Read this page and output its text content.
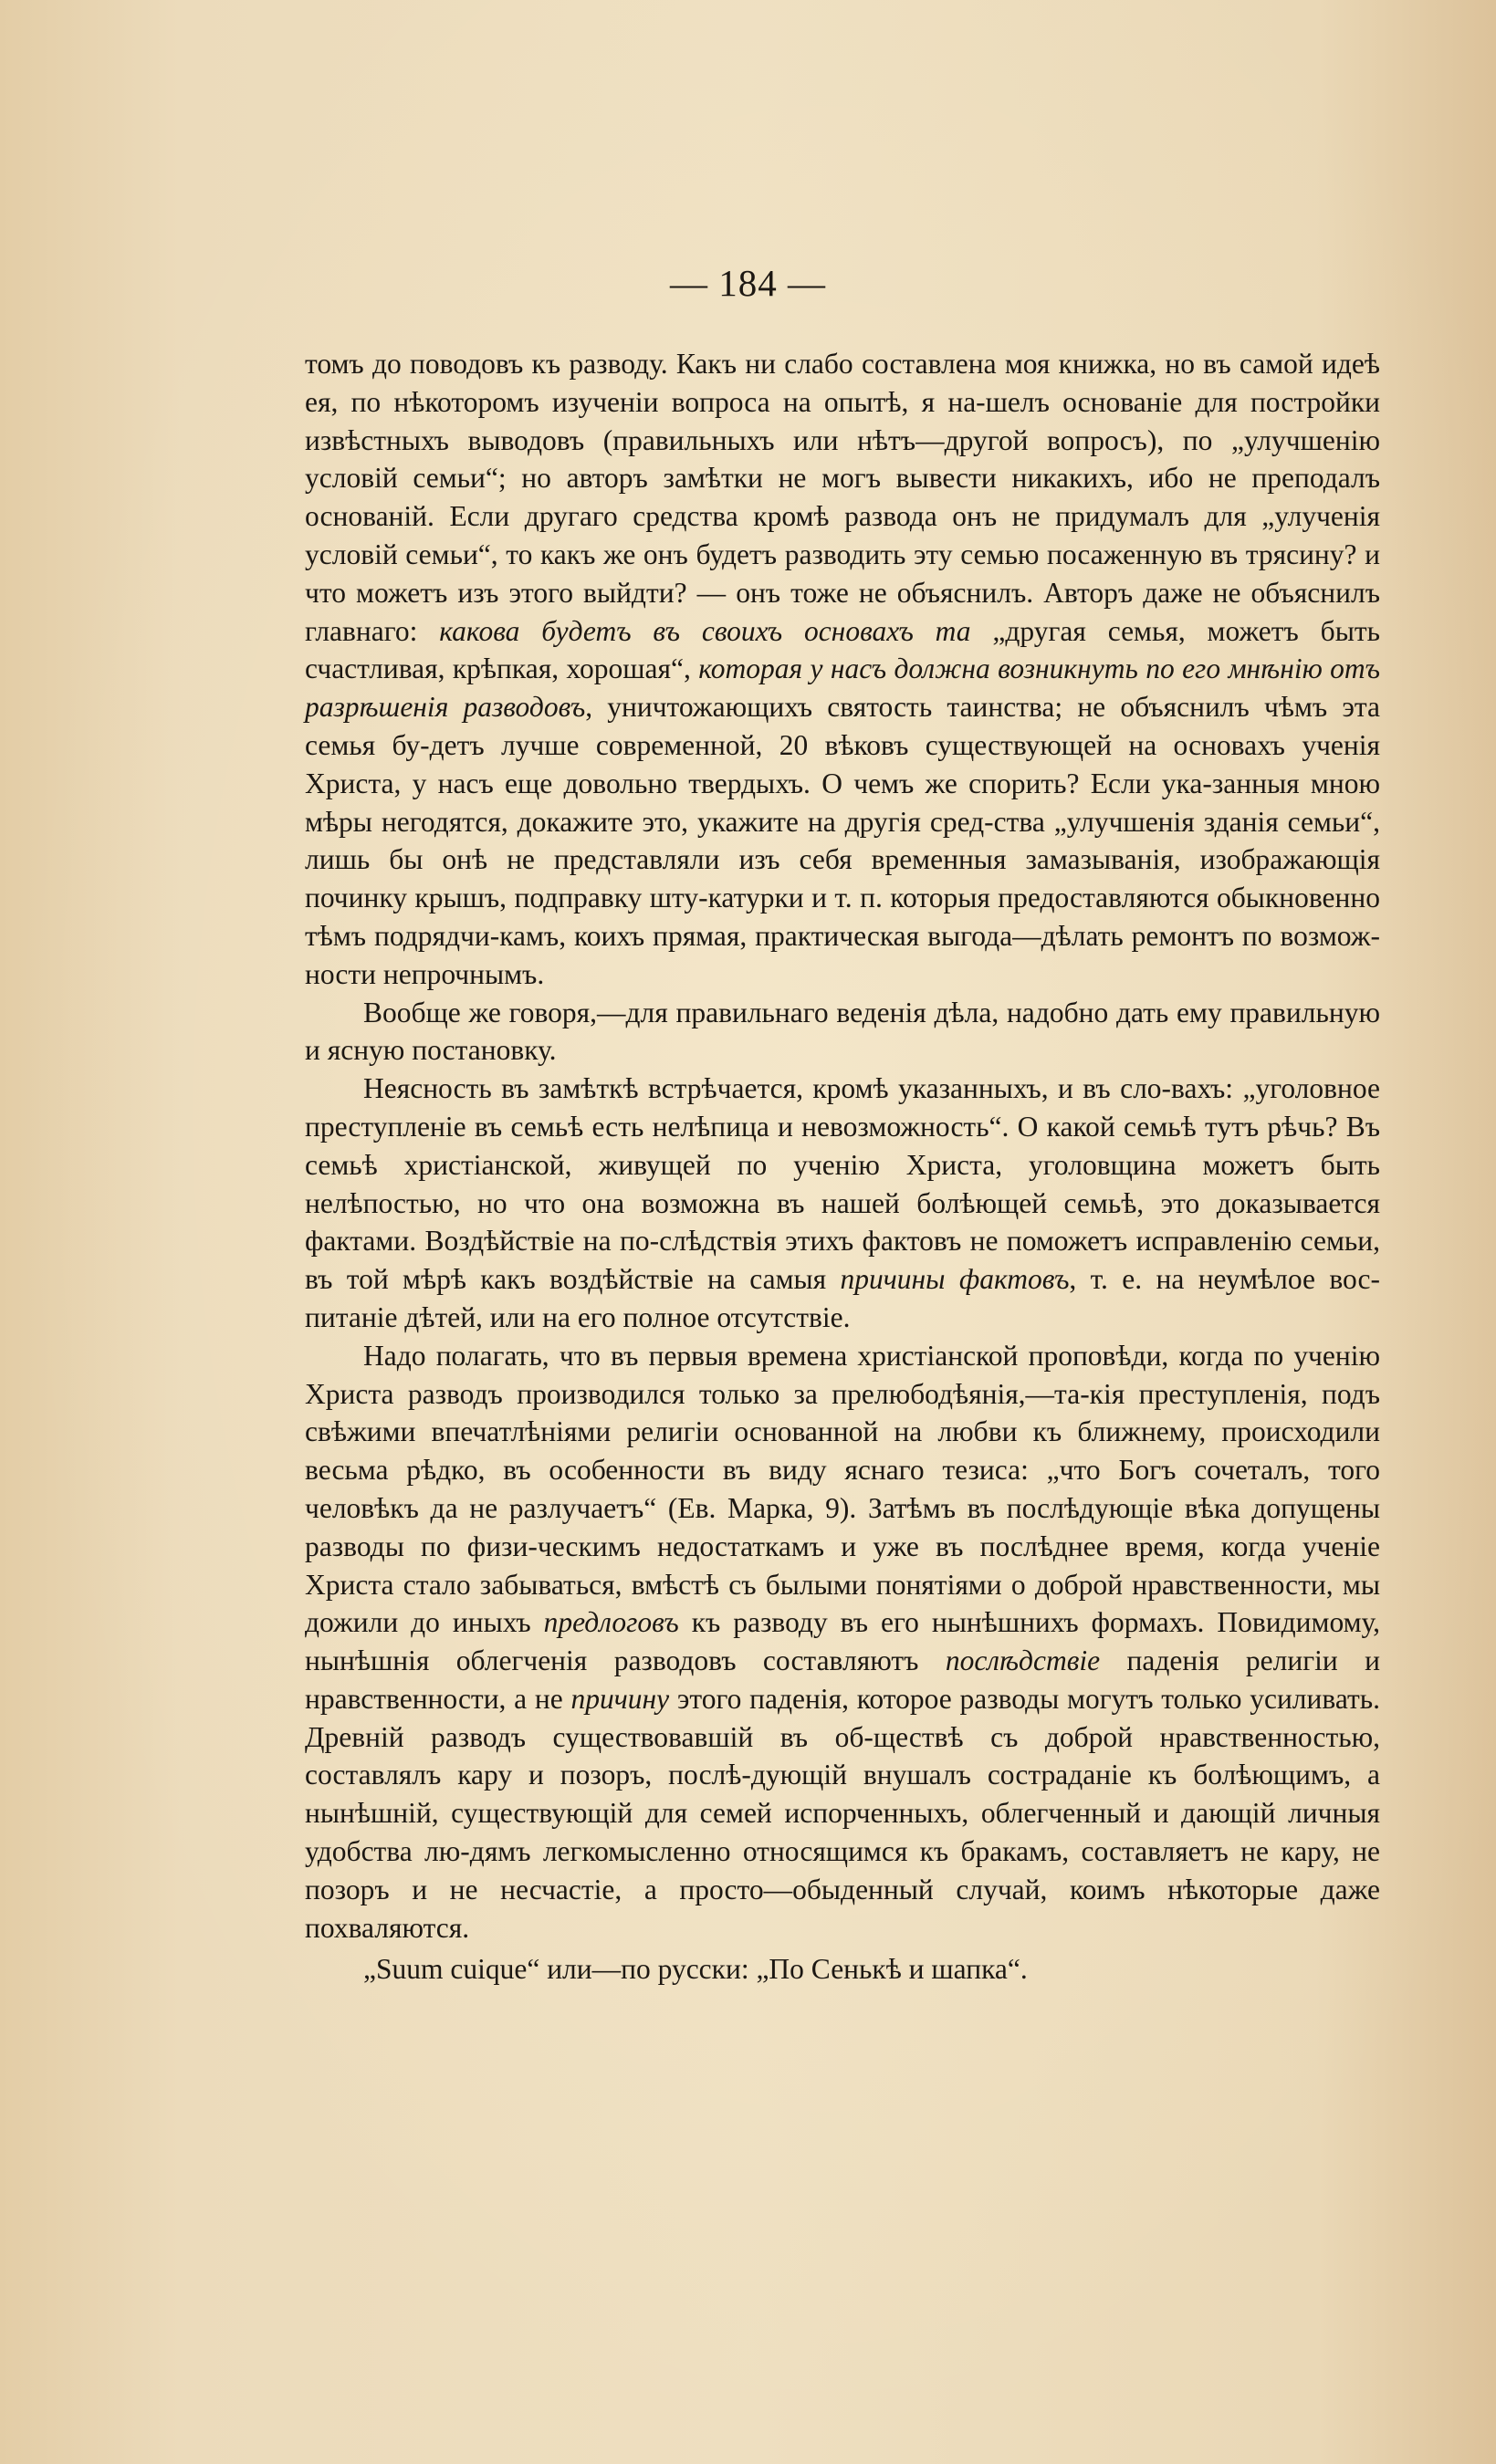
— 184 —

томъ до поводовъ къ разводу. Какъ ни слабо составлена моя книжка, но въ самой идеѣ ея, по нѣкоторомъ изученіи вопроса на опытѣ, я на-шелъ основаніе для постройки извѣстныхъ выводовъ (правильныхъ или нѣтъ—другой вопросъ), по „улучшенію условій семьи“; но авторъ замѣтки не могъ вывести никакихъ, ибо не преподалъ основаній. Если другаго средства кромѣ развода онъ не придумалъ для „улученія условій семьи“, то какъ же онъ будетъ разводить эту семью посаженную въ трясину? и что можетъ изъ этого выйдти? — онъ тоже не объяснилъ. Авторъ даже не объяснилъ главнаго: какова будетъ въ своихъ основахъ та „другая семья, можетъ быть счастливая, крѣпкая, хорошая“, которая у насъ должна возникнуть по его мнѣнію отъ разрѣшенія разводовъ, уничтожающихъ святость таинства; не объяснилъ чѣмъ эта семья бу-детъ лучше современной, 20 вѣковъ существующей на основахъ ученія Христа, у насъ еще довольно твердыхъ. О чемъ же спорить? Если ука-занныя мною мѣры негодятся, докажите это, укажите на другія сред-ства „улучшенія зданія семьи“, лишь бы онѣ не представляли изъ себя временныя замазыванія, изображающія починку крышъ, подправку шту-катурки и т. п. которыя предоставляются обыкновенно тѣмъ подрядчи-камъ, коихъ прямая, практическая выгода—дѣлать ремонтъ по возмож-ности непрочнымъ.

Вообще же говоря,—для правильнаго веденія дѣла, надобно дать ему правильную и ясную постановку.

Неясность въ замѣткѣ встрѣчается, кромѣ указанныхъ, и въ сло-вахъ: „уголовное преступленіе въ семьѣ есть нелѣпица и невозможность“. О какой семьѣ тутъ рѣчь? Въ семьѣ христіанской, живущей по ученію Христа, уголовщина можетъ быть нелѣпостью, но что она возможна въ нашей болѣющей семьѣ, это доказывается фактами. Воздѣйствіе на по-слѣдствія этихъ фактовъ не поможетъ исправленію семьи, въ той мѣрѣ какъ воздѣйствіе на самыя причины фактовъ, т. е. на неумѣлое вос-питаніе дѣтей, или на его полное отсутствіе.

Надо полагать, что въ первыя времена христіанской проповѣди, когда по ученію Христа разводъ производился только за прелюбодѣянія,—та-кія преступленія, подъ свѣжими впечатлѣніями религіи основанной на любви къ ближнему, происходили весьма рѣдко, въ особенности въ виду яснаго тезиса: „что Богъ сочеталъ, того человѣкъ да не разлучаетъ“ (Ев. Марка, 9). Затѣмъ въ послѣдующіе вѣка допущены разводы по физи-ческимъ недостаткамъ и уже въ послѣднее время, когда ученіе Христа стало забываться, вмѣстѣ съ былыми понятіями о доброй нравственности, мы дожили до иныхъ предлоговъ къ разводу въ его нынѣшнихъ формахъ. Повидимому, нынѣшнія облегченія разводовъ составляютъ послѣдствіе паденія религіи и нравственности, а не причину этого паденія, которое разводы могутъ только усиливать. Древній разводъ существовавшій въ об-ществѣ съ доброй нравственностью, составлялъ кару и позоръ, послѣ-дующій внушалъ состраданіе къ болѣющимъ, а нынѣшній, существующій для семей испорченныхъ, облегченный и дающій личныя удобства лю-дямъ легкомысленно относящимся къ бракамъ, составляетъ не кару, не позоръ и не несчастіе, а просто—обыденный случай, коимъ нѣкоторые даже похваляются.

„Suum cuique“ или—по русски: „По Сенькѣ и шапка“.
